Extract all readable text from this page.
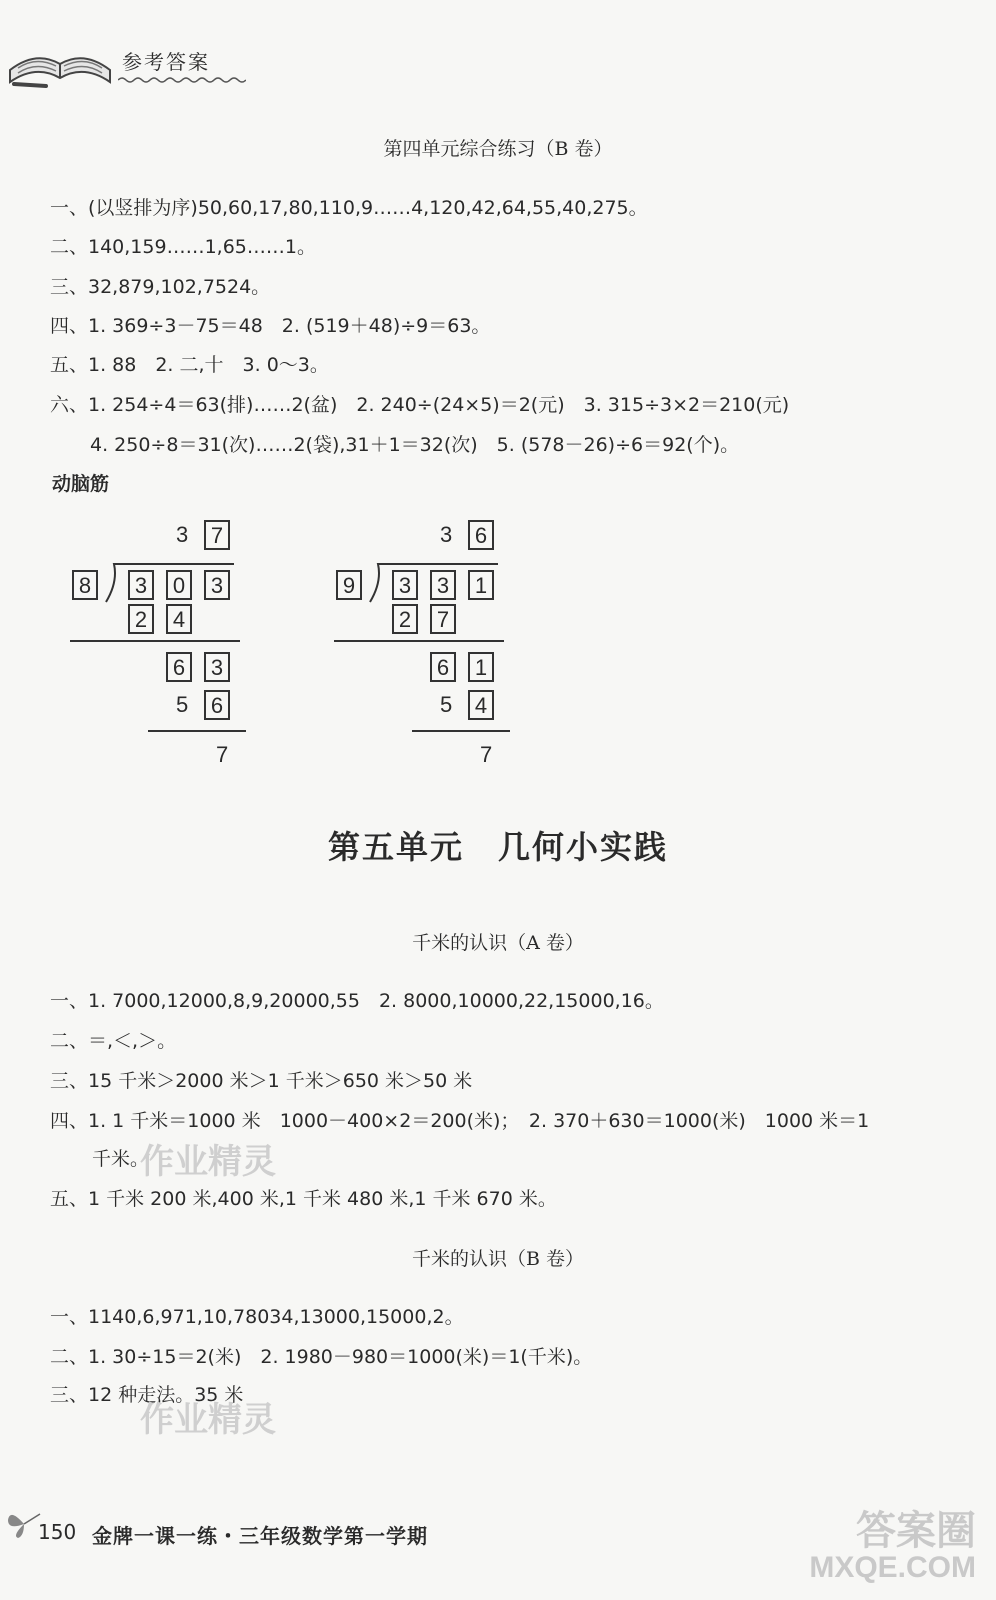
参考答案
第四单元综合练习（B 卷）
一、(以竖排为序)50,60,17,80,110,9……4,120,42,64,55,40,275。
二、140,159……1,65……1。
三、32,879,102,7524。
四、1. 369÷3－75＝48　2. (519＋48)÷9＝63。
五、1. 88　2. 二,十　3. 0～3。
六、1. 254÷4＝63(排)……2(盆)　2. 240÷(24×5)＝2(元)　3. 315÷3×2＝210(元)
4. 250÷8＝31(次)……2(袋),31＋1＝32(次)　5. (578－26)÷6＝92(个)。
动脑筋
3	7
8	3	0	3
2	4
6	3
5	6
7
3	6
9	3	3	1
2	7
6	1
5	4
7
第五单元　几何小实践
千米的认识（A 卷）
一、1. 7000,12000,8,9,20000,55　2. 8000,10000,22,15000,16。
二、＝,＜,＞。
三、15 千米＞2000 米＞1 千米＞650 米＞50 米
四、1. 1 千米＝1000 米　1000－400×2＝200(米)；　2. 370＋630＝1000(米)　1000 米＝1
千米。
作业精灵
五、1 千米 200 米,400 米,1 千米 480 米,1 千米 670 米。
千米的认识（B 卷）
一、1140,6,971,10,78034,13000,15000,2。
二、1. 30÷15＝2(米)　2. 1980－980＝1000(米)＝1(千米)。
三、12 种走法。35 米
作业精灵
150 金牌一课一练・三年级数学第一学期	答案圈
MXQE.COM
